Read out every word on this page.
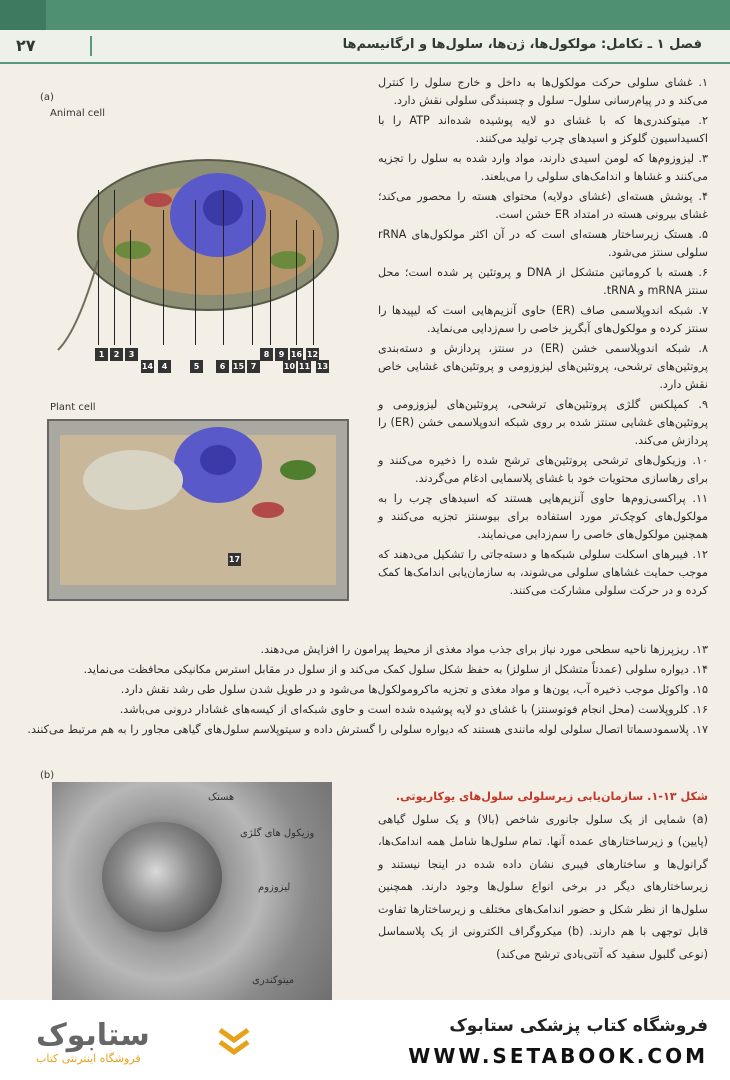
۲۷	فصل ۱ ـ تکامل: مولکول‌ها، ژن‌ها، سلول‌ها و ارگانیسم‌ها
(a)
Animal cell
1	2	3
14	4	5	6 15 7
8	9 16
10 11
12
13
Plant cell
17

۱. غشای سلولی حرکت مولکول‌ها به داخل و خارج سلول را کنترل می‌کند و در پیام‌رسانی سلول– سلول و چسبندگی سلولی نقش دارد.

۲. میتوکندری‌ها که با غشای دو لایه پوشیده شده‌اند ATP را با اکسیداسیون گلوکز و اسیدهای چرب تولید می‌کنند.

۳. لیزوزوم‌ها که لومن اسیدی دارند، مواد وارد شده به سلول را تجزیه می‌کنند و غشاها و اندامک‌های سلولی را می‌بلعند.

۴. پوشش هسته‌ای (غشای دولایه) محتوای هسته را محصور می‌کند؛ غشای بیرونی هسته در امتداد ER خشن است.

۵. هستک زیرساختار هسته‌ای است که در آن اکثر مولکول‌های rRNA سلولی سنتز می‌شود.

۶. هسته با کروماتین متشکل از DNA و پروتئین پر شده است؛ محل سنتز mRNA و tRNA.

۷. شبکه اندوپلاسمی صاف (ER) حاوی آنزیم‌هایی است که لیپیدها را سنتز کرده و مولکول‌های آبگریز خاصی را سم‌زدایی می‌نماید.

۸. شبکه اندوپلاسمی خشن (ER) در سنتز، پردازش و دسته‌بندی پروتئین‌های ترشحی، پروتئین‌های لیزوزومی و پروتئین‌های غشایی خاص نقش دارد.

۹. کمپلکس گلژی پروتئین‌های ترشحی، پروتئین‌های لیزوزومی و پروتئین‌های غشایی سنتز شده بر روی شبکه اندوپلاسمی خشن (ER) را پردازش می‌کند.

۱۰. وزیکول‌های ترشحی پروتئین‌های ترشح شده را ذخیره می‌کنند و برای رهاسازی محتویات خود با غشای پلاسمایی ادغام می‌گردند.

۱۱. پراکسی‌زوم‌ها حاوی آنزیم‌هایی هستند که اسیدهای چرب را به مولکول‌های کوچک‌تر مورد استفاده برای بیوسنتز تجزیه می‌کنند و همچنین مولکول‌های خاصی را سم‌زدایی می‌نمایند.

۱۲. فیبرهای اسکلت سلولی شبکه‌ها و دسته‌جاتی را تشکیل می‌دهند که موجب حمایت غشاهای سلولی می‌شوند، به سازمان‌یابی اندامک‌ها کمک کرده و در حرکت سلولی مشارکت می‌کنند.

۱۳. ریزپرزها ناحیه سطحی مورد نیاز برای جذب مواد مغذی از محیط پیرامون را افزایش می‌دهند.

۱۴. دیواره سلولی (عمدتاً متشکل از سلولز) به حفظ شکل سلول کمک می‌کند و از سلول در مقابل استرس مکانیکی محافظت می‌نماید.

۱۵. واکوئل موجب ذخیره آب، یون‌ها و مواد مغذی و تجزیه ماکرومولکول‌ها می‌شود و در طویل شدن سلول طی رشد نقش دارد.

۱۶. کلروپلاست (محل انجام فوتوسنتز) با غشای دو لایه پوشیده شده است و حاوی شبکه‌ای از کیسه‌های غشادار درونی می‌باشد.

۱۷. پلاسمودسماتا اتصال سلولی لوله مانندی هستند که دیواره سلولی را گسترش داده و سیتوپلاسم سلول‌های گیاهی مجاور را به هم مرتبط می‌کنند.

(b)
هستک
وزیکول های گلژی
لیزوزوم
میتوکندری
شکل ۱۳-۱. سازمان‌یابی زیرسلولی سلول‌های یوکاریوتی.
(a) شمایی از یک سلول جانوری شاخص (بالا) و یک سلول گیاهی (پایین) و زیرساختارهای عمده آنها. تمام سلول‌ها شامل همه اندامک‌ها، گرانول‌ها و ساختارهای فیبری نشان داده شده در اینجا نیستند و زیرساختارهای دیگر در برخی انواع سلول‌ها وجود دارند. همچنین سلول‌ها از نظر شکل و حضور اندامک‌های مختلف و زیرساختارها تفاوت قابل توجهی با هم دارند. (b) میکروگراف الکترونی از یک پلاسماسل (نوعی گلبول سفید که آنتی‌بادی ترشح می‌کند)
ستابوک
فروشگاه اینترنتی کتاب
فروشگاه کتاب پزشکی ستابوک
WWW.SETABOOK.COM
